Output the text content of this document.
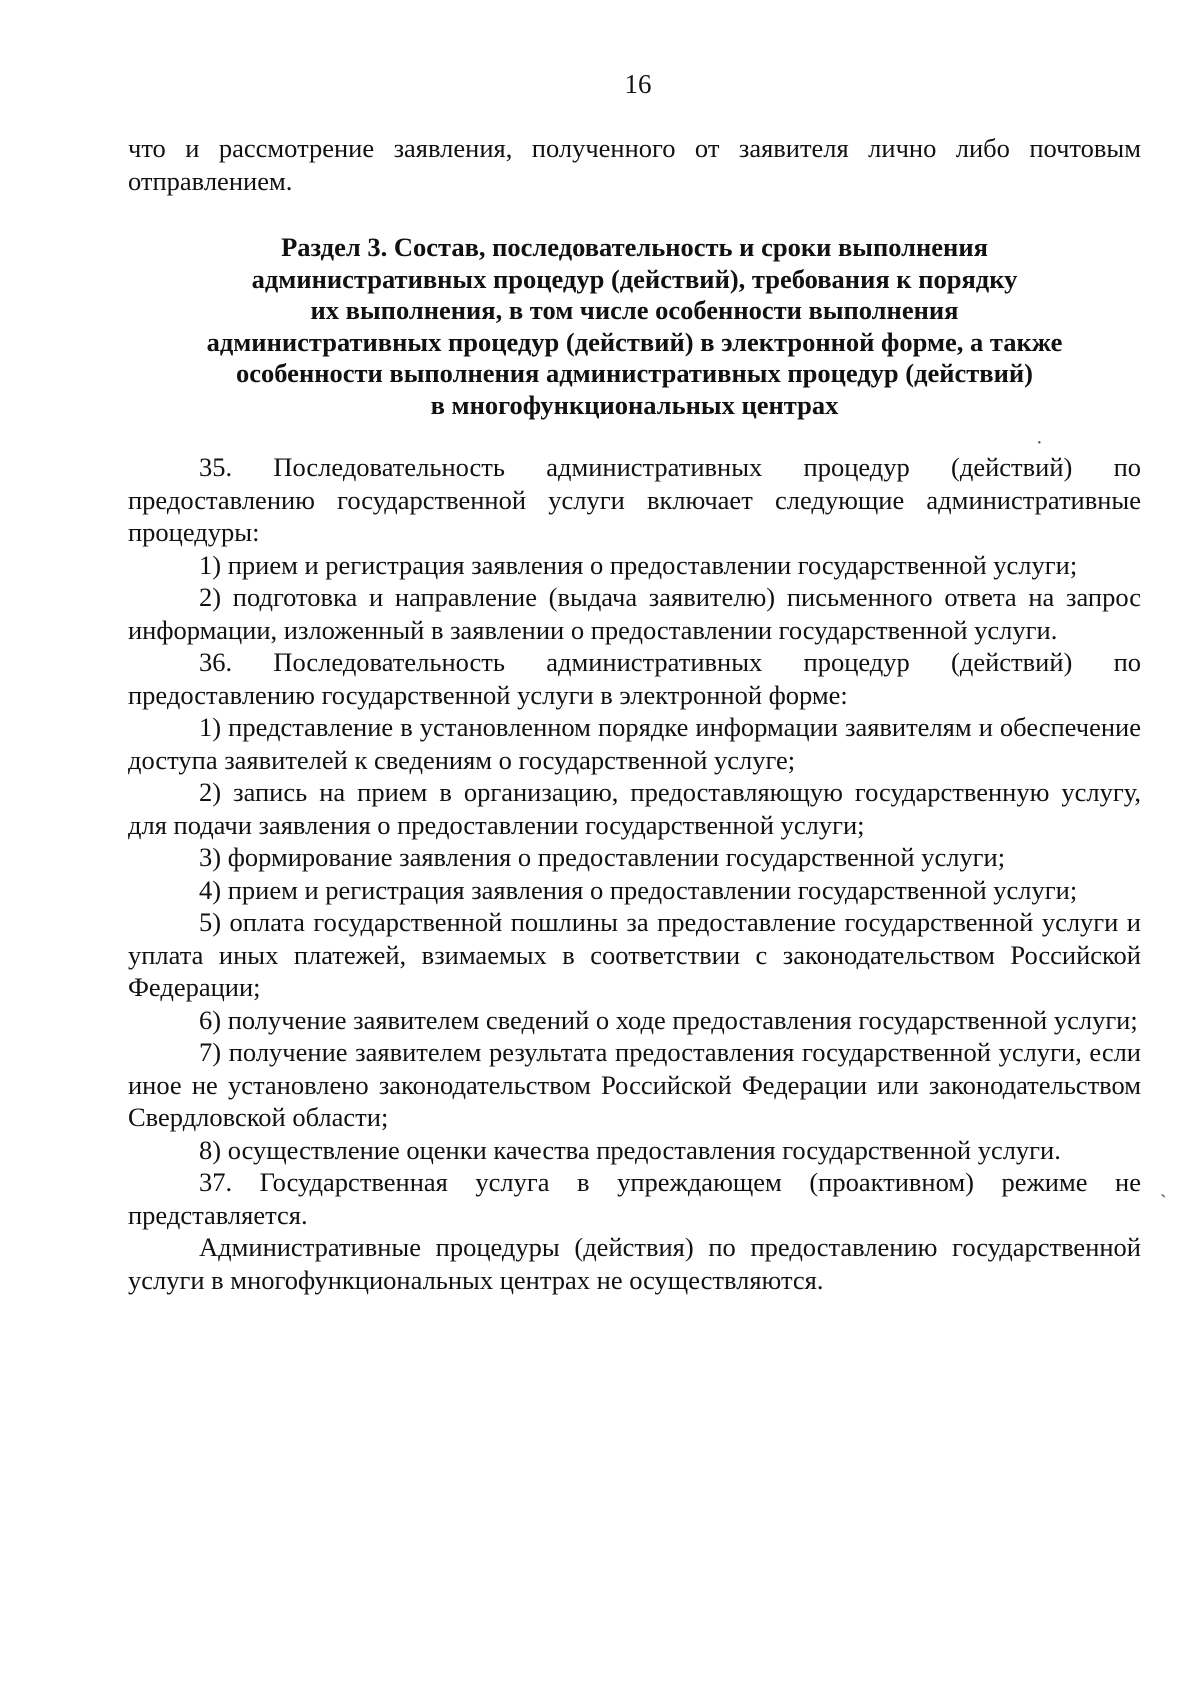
16

что и рассмотрение заявления, полученного от заявителя лично либо почтовым отправлением.

Раздел 3. Состав, последовательность и сроки выполнения
административных процедур (действий), требования к порядку
их выполнения, в том числе особенности выполнения
административных процедур (действий) в электронной форме, а также
особенности выполнения административных процедур (действий)
в многофункциональных центрах

35. Последовательность административных процедур (действий) по предоставлению государственной услуги включает следующие административные процедуры:

1) прием и регистрация заявления о предоставлении государственной услуги;

2) подготовка и направление (выдача заявителю) письменного ответа на запрос информации, изложенный в заявлении о предоставлении государственной услуги.

36. Последовательность административных процедур (действий) по предоставлению государственной услуги в электронной форме:

1) представление в установленном порядке информации заявителям и обеспечение доступа заявителей к сведениям о государственной услуге;

2) запись на прием в организацию, предоставляющую государственную услугу, для подачи заявления о предоставлении государственной услуги;

3) формирование заявления о предоставлении государственной услуги;

4) прием и регистрация заявления о предоставлении государственной услуги;

5) оплата государственной пошлины за предоставление государственной услуги и уплата иных платежей, взимаемых в соответствии с законодательством Российской Федерации;

6) получение заявителем сведений о ходе предоставления государственной услуги;

7) получение заявителем результата предоставления государственной услуги, если иное не установлено законодательством Российской Федерации или законодательством Свердловской области;

8) осуществление оценки качества предоставления государственной услуги.

37. Государственная услуга в упреждающем (проактивном) режиме не представляется.

Административные процедуры (действия) по предоставлению государственной услуги в многофункциональных центрах не осуществляются.

·
ˎ
